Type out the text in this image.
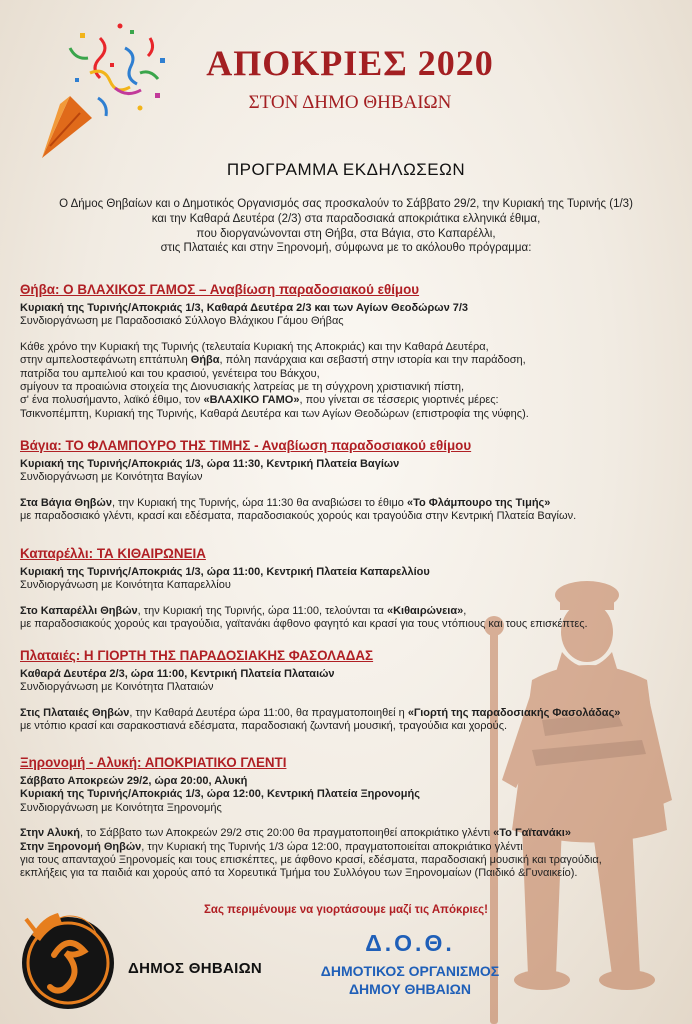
ΑΠΟΚΡΙΕΣ 2020
ΣΤΟΝ ΔΗΜΟ ΘΗΒΑΙΩΝ
ΠΡΟΓΡΑΜΜΑ ΕΚΔΗΛΩΣΕΩΝ
Ο Δήμος Θηβαίων και ο Δημοτικός Οργανισμός σας προσκαλούν το Σάββατο 29/2, την Κυριακή της Τυρινής (1/3)
και την Καθαρά Δευτέρα (2/3) στα παραδοσιακά αποκριάτικα ελληνικά έθιμα,
που διοργανώνονται στη Θήβα, στα Βάγια, στο Καπαρέλλι,
στις Πλαταιές και στην Ξηρονομή, σύμφωνα με το ακόλουθο πρόγραμμα:
Θήβα: Ο ΒΛΑΧΙΚΟΣ ΓΑΜΟΣ – Αναβίωση παραδοσιακού εθίμου
Κυριακή της Τυρινής/Αποκριάς 1/3, Καθαρά Δευτέρα 2/3 και των Αγίων Θεοδώρων 7/3
Συνδιοργάνωση με Παραδοσιακό Σύλλογο Βλάχικου Γάμου Θήβας
Κάθε χρόνο την Κυριακή της Τυρινής (τελευταία Κυριακή της Αποκριάς) και την Καθαρά Δευτέρα,
στην αμπελοστεφάνωτη επτάπυλη Θήβα, πόλη πανάρχαια και σεβαστή στην ιστορία και την παράδοση,
πατρίδα του αμπελιού και του κρασιού, γενέτειρα του Βάκχου,
σμίγουν τα προαιώνια στοιχεία της Διονυσιακής λατρείας με τη σύγχρονη χριστιανική πίστη,
σ' ένα πολυσήμαντο, λαϊκό έθιμο, τον «ΒΛΑΧΙΚΟ ΓΑΜΟ», που γίνεται σε τέσσερις γιορτινές μέρες:
Τσικνοπέμπτη, Κυριακή της Τυρινής, Καθαρά Δευτέρα και των Αγίων Θεοδώρων (επιστροφία της νύφης).
Βάγια: ΤΟ ΦΛΑΜΠΟΥΡΟ ΤΗΣ ΤΙΜΗΣ - Αναβίωση παραδοσιακού εθίμου
Κυριακή της Τυρινής/Αποκριάς 1/3, ώρα 11:30, Κεντρική Πλατεία Βαγίων
Συνδιοργάνωση με Κοινότητα Βαγίων
Στα Βάγια Θηβών, την Κυριακή της Τυρινής, ώρα 11:30 θα αναβιώσει το έθιμο «Το Φλάμπουρο της Τιμής»
με παραδοσιακό γλέντι, κρασί και εδέσματα, παραδοσιακούς χορούς και τραγούδια στην Κεντρική Πλατεία Βαγίων.
Καπαρέλλι: ΤΑ ΚΙΘΑΙΡΩΝΕΙΑ
Κυριακή της Τυρινής/Αποκριάς 1/3, ώρα 11:00, Κεντρική Πλατεία Καπαρελλίου
Συνδιοργάνωση με Κοινότητα Καπαρελλίου
Στο Καπαρέλλι Θηβών, την Κυριακή της Τυρινής, ώρα 11:00, τελούνται τα «Κιθαιρώνεια»,
με παραδοσιακούς χορούς και τραγούδια, γαϊτανάκι άφθονο φαγητό και κρασί για τους ντόπιους και τους επισκέπτες.
Πλαταιές: Η ΓΙΟΡΤΗ ΤΗΣ ΠΑΡΑΔΟΣΙΑΚΗΣ ΦΑΣΟΛΑΔΑΣ
Καθαρά Δευτέρα 2/3, ώρα 11:00, Κεντρική Πλατεία Πλαταιών
Συνδιοργάνωση με Κοινότητα Πλαταιών
Στις Πλαταιές Θηβών, την Καθαρά Δευτέρα ώρα 11:00, θα πραγματοποιηθεί η «Γιορτή της παραδοσιακής Φασολάδας»
με ντόπιο κρασί και σαρακοστιανά εδέσματα, παραδοσιακή ζωντανή μουσική, τραγούδια και χορούς.
Ξηρονομή - Αλυκή: ΑΠΟΚΡΙΑΤΙΚΟ ΓΛΕΝΤΙ
Σάββατο Αποκρεών 29/2, ώρα 20:00, Αλυκή
Κυριακή της Τυρινής/Αποκριάς 1/3, ώρα 12:00, Κεντρική Πλατεία Ξηρονομής
Συνδιοργάνωση με Κοινότητα Ξηρονομής
Στην Αλυκή, το Σάββατο των Αποκρεών 29/2 στις 20:00 θα πραγματοποιηθεί αποκριάτικο γλέντι «Το Γαϊτανάκι»
Στην Ξηρονομή Θηβών, την Κυριακή της Τυρινής 1/3 ώρα 12:00, πραγματοποιείται αποκριάτικο γλέντι
για τους απανταχού Ξηρονομείς και τους επισκέπτες, με άφθονο κρασί, εδέσματα, παραδοσιακή μουσική και τραγούδια,
εκπλήξεις για τα παιδιά και χορούς από τα Χορευτικά Τμήμα του Συλλόγου των Ξηρονομαίων (Παιδικό &Γυναικείο).
Σας περιμένουμε να γιορτάσουμε μαζί τις Απόκριες!
ΔΗΜΟΣ ΘΗΒΑΙΩΝ
Δ.Ο.Θ.
ΔΗΜΟΤΙΚΟΣ ΟΡΓΑΝΙΣΜΟΣ
ΔΗΜΟΥ ΘΗΒΑΙΩΝ
